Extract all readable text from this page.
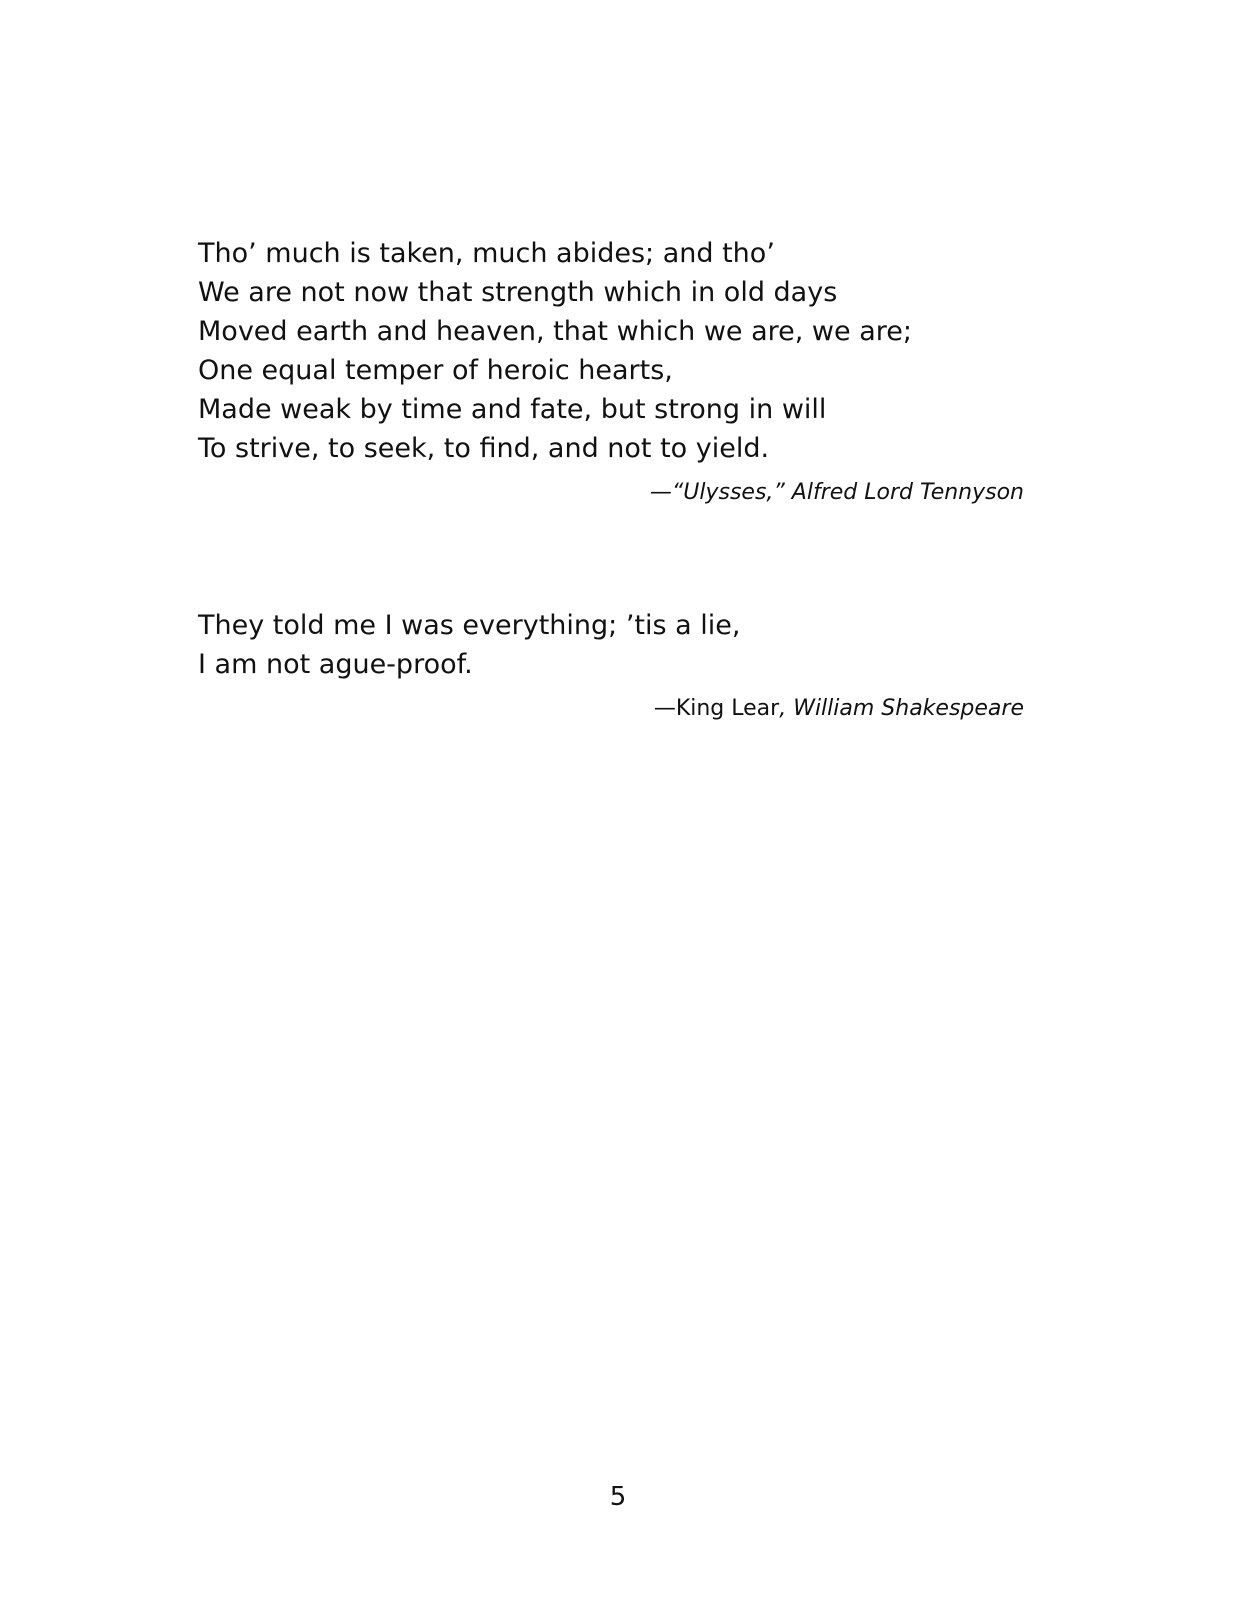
Tho’ much is taken, much abides; and tho’
We are not now that strength which in old days
Moved earth and heaven, that which we are, we are;
One equal temper of heroic hearts,
Made weak by time and fate, but strong in will
To strive, to seek, to find, and not to yield.
—“Ulysses,” Alfred Lord Tennyson
They told me I was everything; ’tis a lie,
I am not ague-proof.
—King Lear, William Shakespeare
5
